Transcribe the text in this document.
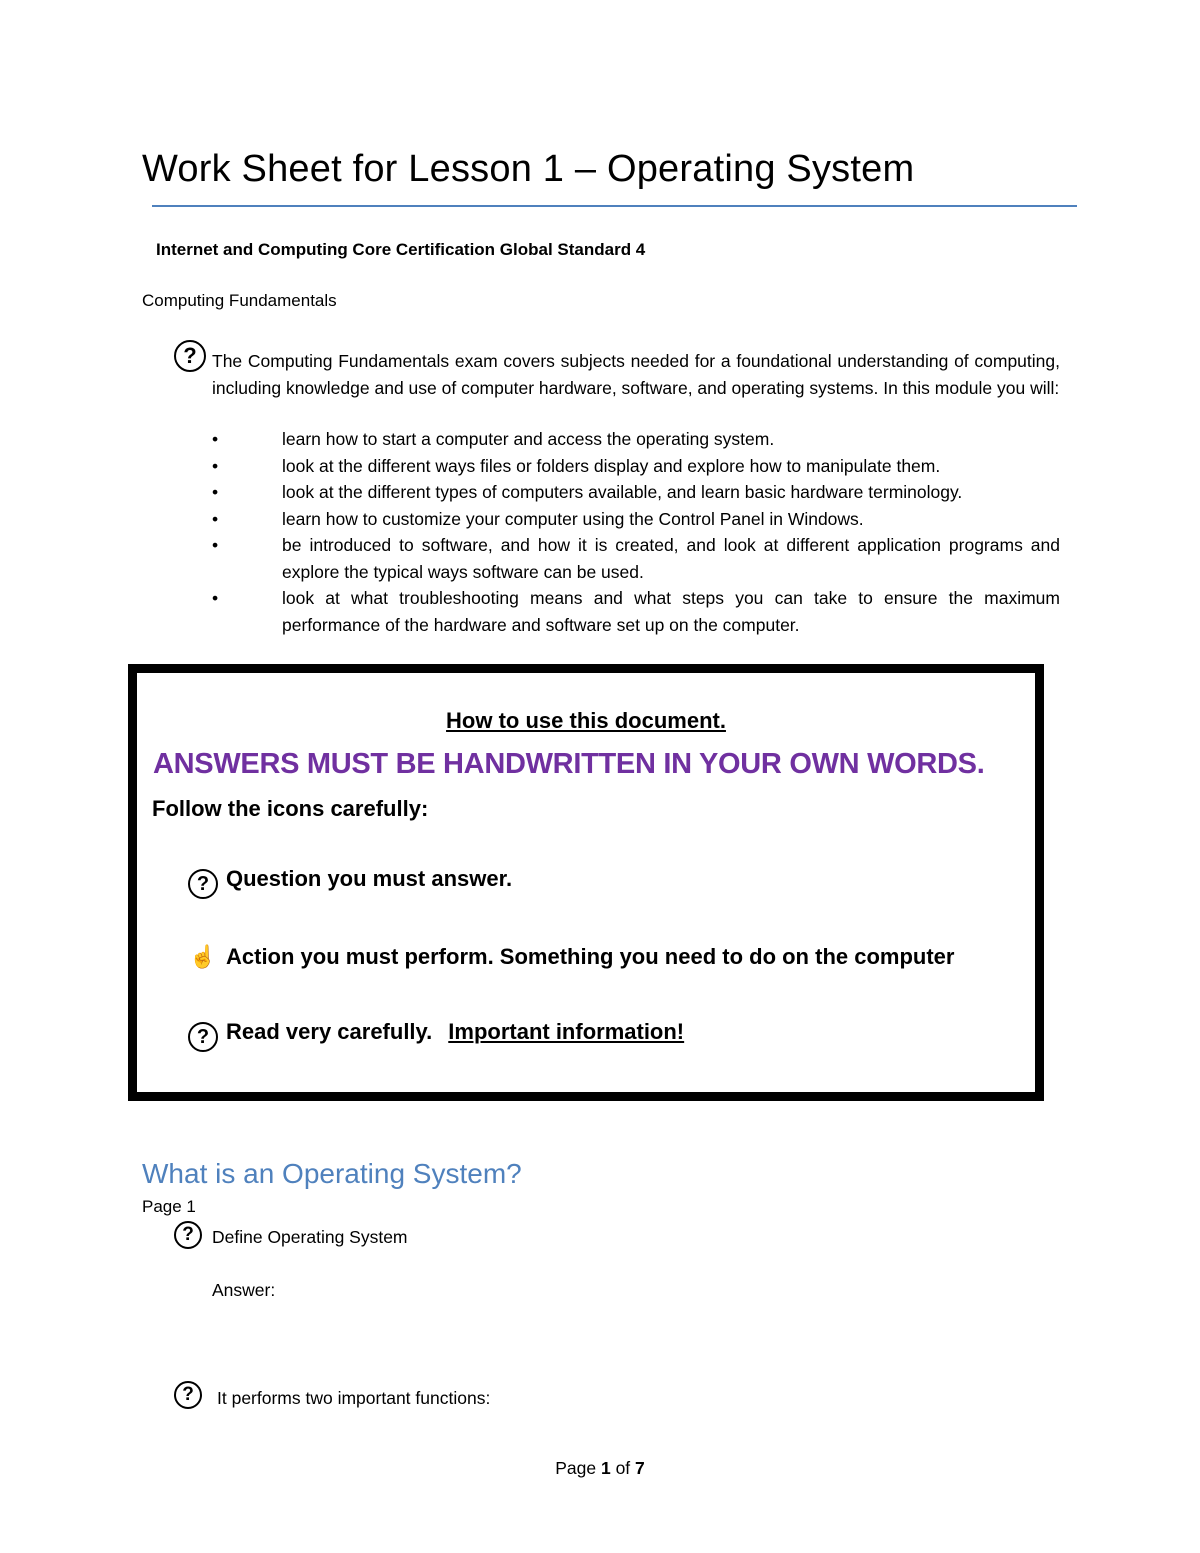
Work Sheet for Lesson 1 – Operating System
Internet and Computing Core Certification Global Standard 4
Computing Fundamentals
? The Computing Fundamentals exam covers subjects needed for a foundational understanding of computing, including knowledge and use of computer hardware, software, and operating systems. In this module you will:
•	learn how to start a computer and access the operating system.
•	look at the different ways files or folders display and explore how to manipulate them.
•	look at the different types of computers available, and learn basic hardware terminology.
•	learn how to customize your computer using the Control Panel in Windows.
•	be introduced to software, and how it is created, and look at different application programs and explore the typical ways software can be used.
•	look at what troubleshooting means and what steps you can take to ensure the maximum performance of the hardware and software set up on the computer.
How to use this document.
ANSWERS MUST BE HANDWRITTEN IN YOUR OWN WORDS.
Follow the icons carefully:
? Question you must answer.
☝ Action you must perform. Something you need to do on the computer
? Read very carefully. Important information!
What is an Operating System?
Page 1
?	Define Operating System
Answer:
?	It performs two important functions:
Page 1 of 7
